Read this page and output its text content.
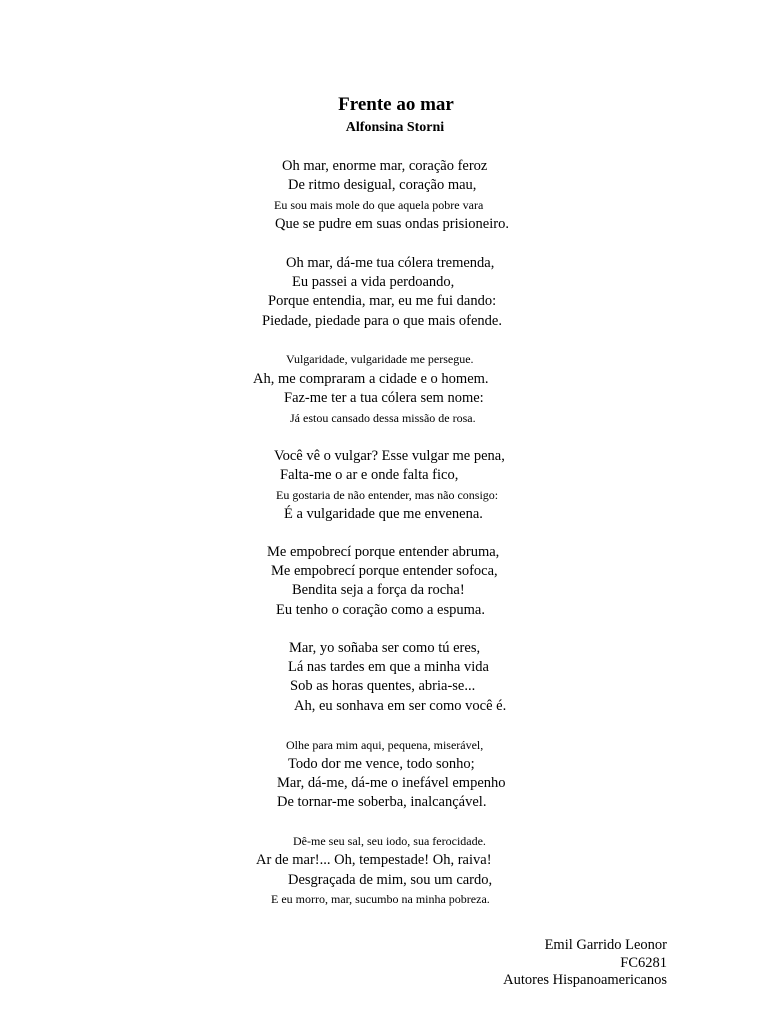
Frente ao mar
Alfonsina Storni
Oh mar, enorme mar, coração feroz
De ritmo desigual, coração mau,
Eu sou mais mole do que aquela pobre vara
Que se pudre em suas ondas prisioneiro.
Oh mar, dá-me tua cólera tremenda,
Eu passei a vida perdoando,
Porque entendia, mar, eu me fui dando:
Piedade, piedade para o que mais ofende.
Vulgaridade, vulgaridade me persegue.
Ah, me compraram a cidade e o homem.
Faz-me ter a tua cólera sem nome:
Já estou cansado dessa missão de rosa.
Você vê o vulgar? Esse vulgar me pena,
Falta-me o ar e onde falta fico,
Eu gostaria de não entender, mas não consigo:
É a vulgaridade que me envenena.
Me empobrecí porque entender abruma,
Me empobrecí porque entender sofoca,
Bendita seja a força da rocha!
Eu tenho o coração como a espuma.
Mar, yo soñaba ser como tú eres,
Lá nas tardes em que a minha vida
Sob as horas quentes, abria-se...
Ah, eu sonhava em ser como você é.
Olhe para mim aqui, pequena, miserável,
Todo dor me vence, todo sonho;
Mar, dá-me, dá-me o inefável empenho
De tornar-me soberba, inalcançável.
Dê-me seu sal, seu iodo, sua ferocidade.
Ar de mar!... Oh, tempestade! Oh, raiva!
Desgraçada de mim, sou um cardo,
E eu morro, mar, sucumbo na minha pobreza.
Emil Garrido Leonor
FC6281
Autores Hispanoamericanos
